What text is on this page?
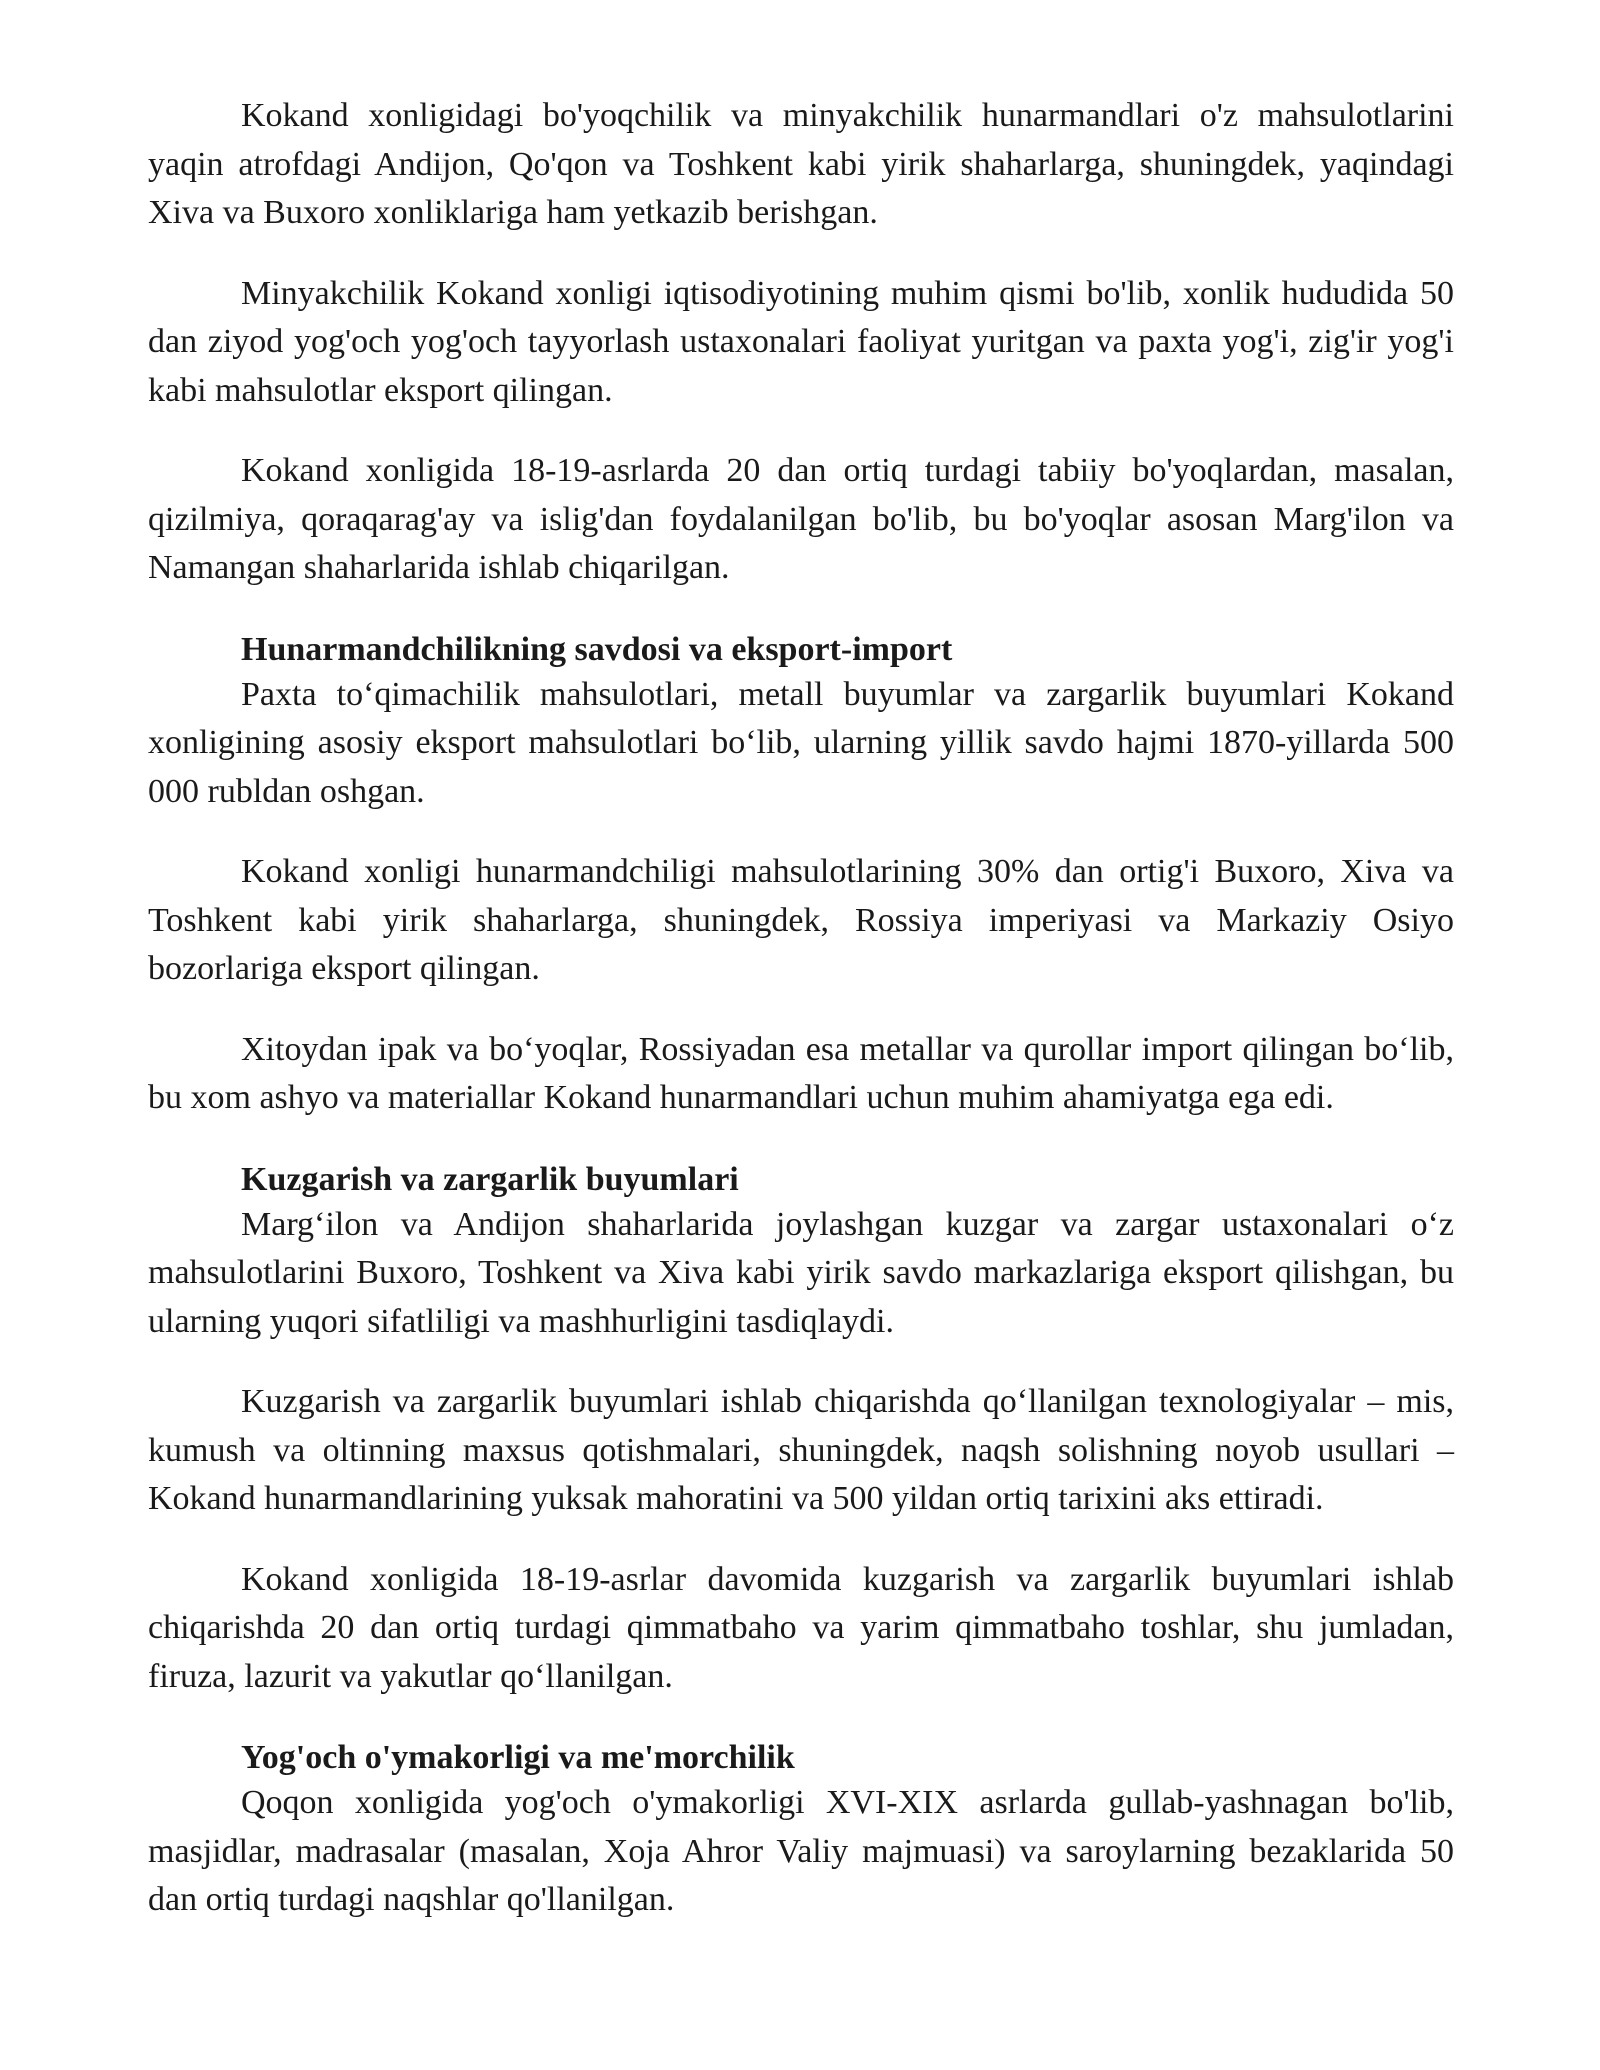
Kokand xonligidagi bo'yoqchilik va minyakchilik hunarmandlari o'z mahsulotlarini yaqin atrofdagi Andijon, Qo'qon va Toshkent kabi yirik shaharlarga, shuningdek, yaqindagi Xiva va Buxoro xonliklariga ham yetkazib berishgan.

Minyakchilik Kokand xonligi iqtisodiyotining muhim qismi bo'lib, xonlik hududida 50 dan ziyod yog'och yog'och tayyorlash ustaxonalari faoliyat yuritgan va paxta yog'i, zig'ir yog'i kabi mahsulotlar eksport qilingan.

Kokand xonligida 18-19-asrlarda 20 dan ortiq turdagi tabiiy bo'yoqlardan, masalan, qizilmiya, qoraqarag'ay va islig'dan foydalanilgan bo'lib, bu bo'yoqlar asosan Marg'ilon va Namangan shaharlarida ishlab chiqarilgan.

Hunarmandchilikning savdosi va eksport-import

Paxta to‘qimachilik mahsulotlari, metall buyumlar va zargarlik buyumlari Kokand xonligining asosiy eksport mahsulotlari bo‘lib, ularning yillik savdo hajmi 1870-yillarda 500 000 rubldan oshgan.

Kokand xonligi hunarmandchiligi mahsulotlarining 30% dan ortig'i Buxoro, Xiva va Toshkent kabi yirik shaharlarga, shuningdek, Rossiya imperiyasi va Markaziy Osiyo bozorlariga eksport qilingan.

Xitoydan ipak va bo‘yoqlar, Rossiyadan esa metallar va qurollar import qilingan bo‘lib, bu xom ashyo va materiallar Kokand hunarmandlari uchun muhim ahamiyatga ega edi.

Kuzgarish va zargarlik buyumlari

Marg‘ilon va Andijon shaharlarida joylashgan kuzgar va zargar ustaxonalari o‘z mahsulotlarini Buxoro, Toshkent va Xiva kabi yirik savdo markazlariga eksport qilishgan, bu ularning yuqori sifatliligi va mashhurligini tasdiqlaydi.

Kuzgarish va zargarlik buyumlari ishlab chiqarishda qo‘llanilgan texnologiyalar – mis, kumush va oltinning maxsus qotishmalari, shuningdek, naqsh solishning noyob usullari – Kokand hunarmandlarining yuksak mahoratini va 500 yildan ortiq tarixini aks ettiradi.

Kokand xonligida 18-19-asrlar davomida kuzgarish va zargarlik buyumlari ishlab chiqarishda 20 dan ortiq turdagi qimmatbaho va yarim qimmatbaho toshlar, shu jumladan, firuza, lazurit va yakutlar qo‘llanilgan.

Yog'och o'ymakorligi va me'morchilik

Qoqon xonligida yog'och o'ymakorligi XVI-XIX asrlarda gullab-yashnagan bo'lib, masjidlar, madrasalar (masalan, Xoja Ahror Valiy majmuasi) va saroylarning bezaklarida 50 dan ortiq turdagi naqshlar qo'llanilgan.
